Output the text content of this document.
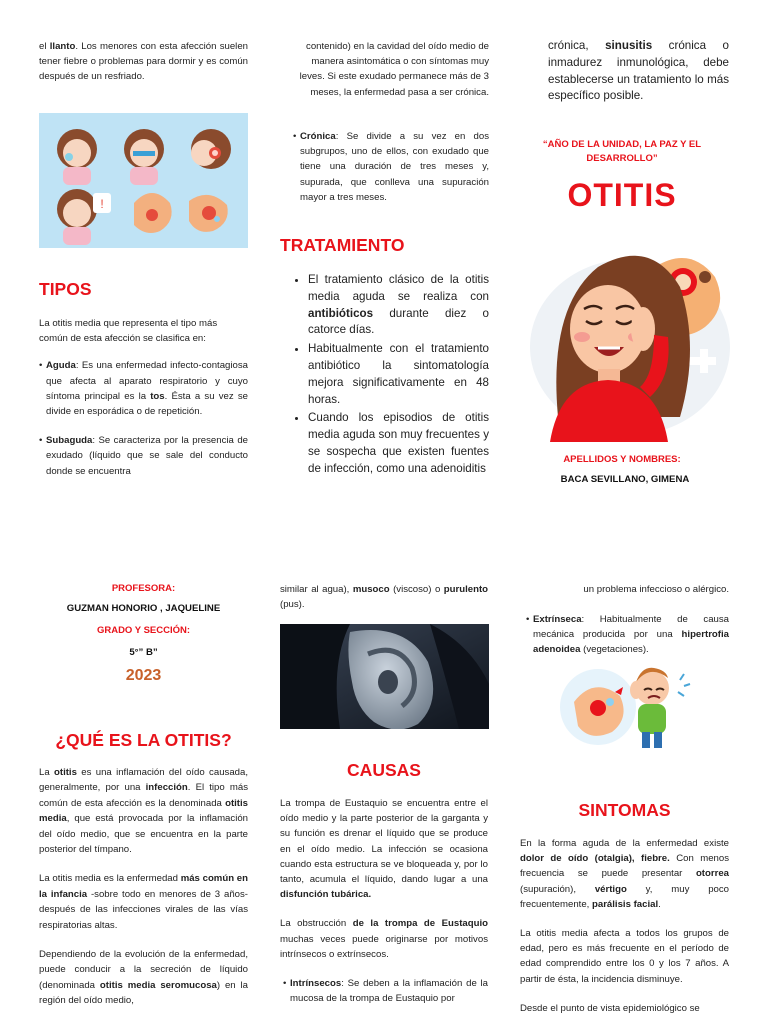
el llanto. Los menores con esta afección suelen tener fiebre o problemas para dormir y es común después de un resfriado.

!
TIPOS

La otitis media que representa el tipo más común de esta afección se clasifica en:

• Aguda: Es una enfermedad infecto-contagiosa que afecta al aparato respiratorio y cuyo síntoma principal es la tos. Ésta a su vez se divide en esporádica o de repetición.
• Subaguda: Se caracteriza por la presencia de exudado (líquido que se sale del conducto donde se encuentra

contenido) en la cavidad del oído medio de manera asintomática o con síntomas muy leves. Si este exudado permanece más de 3 meses, la enfermedad pasa a ser crónica.

• Crónica: Se divide a su vez en dos subgrupos, uno de ellos, con exudado que tiene una duración de tres meses y, supurada, que conlleva una supuración mayor a tres meses.
TRATAMIENTO
• El tratamiento clásico de la otitis media aguda se realiza con antibióticos durante diez o catorce días.
• Habitualmente con el tratamiento antibiótico la sintomatología mejora significativamente en 48 horas.
• Cuando los episodios de otitis media aguda son muy frecuentes y se sospecha que existen fuentes de infección, como una adenoiditis

crónica, sinusitis crónica o inmadurez inmunológica, debe establecerse un tratamiento lo más específico posible.

“AÑO DE LA UNIDAD, LA PAZ Y EL DESARROLLO”
OTITIS
APELLIDOS Y NOMBRES:
BACA SEVILLANO, GIMENA
PROFESORA:
GUZMAN HONORIO , JAQUELINE
GRADO Y SECCIÓN:
5°” B”
2023
¿QUÉ ES LA OTITIS?

La otitis es una inflamación del oído causada, generalmente, por una infección. El tipo más común de esta afección es la denominada otitis media, que está provocada por la inflamación del oído medio, que se encuentra en la parte posterior del tímpano.

La otitis media es la enfermedad más común en la infancia -sobre todo en menores de 3 años- después de las infecciones virales de las vías respiratorias altas.

Dependiendo de la evolución de la enfermedad, puede conducir a la secreción de líquido (denominada otitis media seromucosa) en la región del oído medio,

similar al agua), musoco (viscoso) o purulento (pus).

CAUSAS

La trompa de Eustaquio se encuentra entre el oído medio y la parte posterior de la garganta y su función es drenar el líquido que se produce en el oído medio. La infección se ocasiona cuando esta estructura se ve bloqueada y, por lo tanto, acumula el líquido, dando lugar a una disfunción tubárica.

La obstrucción de la trompa de Eustaquio muchas veces puede originarse por motivos intrínsecos o extrínsecos.

• Intrínsecos: Se deben a la inflamación de la mucosa de la trompa de Eustaquio por

un problema infeccioso o alérgico.

• Extrínseca: Habitualmente de causa mecánica producida por una hipertrofia adenoidea (vegetaciones).
SINTOMAS

En la forma aguda de la enfermedad existe dolor de oído (otalgia), fiebre. Con menos frecuencia se puede presentar otorrea (supuración), vértigo y, muy poco frecuentemente, parálisis facial.

La otitis media afecta a todos los grupos de edad, pero es más frecuente en el período de edad comprendido entre los 0 y los 7 años. A partir de ésta, la incidencia disminuye.

Desde el punto de vista epidemiológico se
